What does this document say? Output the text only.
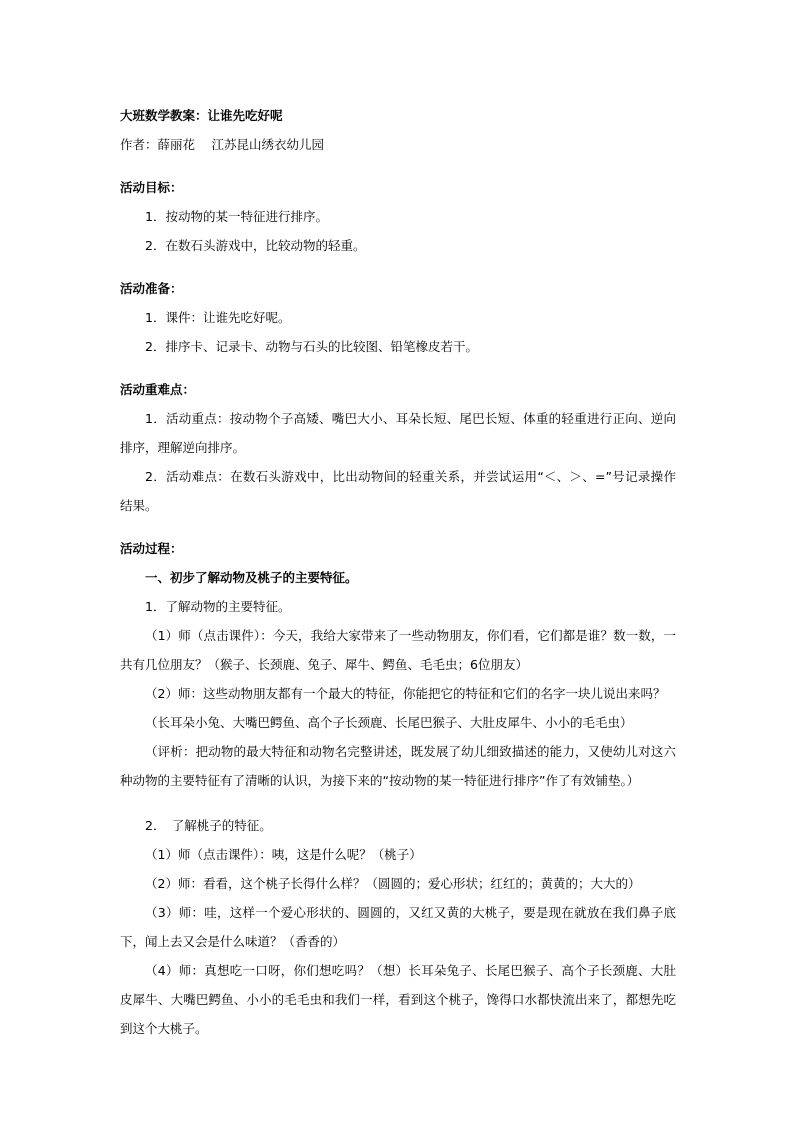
大班数学教案：让谁先吃好呢
作者：薛丽花　 江苏昆山绣衣幼儿园
活动目标：
1．按动物的某一特征进行排序。
2．在数石头游戏中，比较动物的轻重。
活动准备：
1．课件：让谁先吃好呢。
2．排序卡、记录卡、动物与石头的比较图、铅笔橡皮若干。
活动重难点：
1．活动重点：按动物个子高矮、嘴巴大小、耳朵长短、尾巴长短、体重的轻重进行正向、逆向排序，理解逆向排序。
2．活动难点：在数石头游戏中，比出动物间的轻重关系，并尝试运用“＜、＞、=”号记录操作结果。
活动过程：
一、初步了解动物及桃子的主要特征。
1．了解动物的主要特征。
（1）师（点击课件）：今天，我给大家带来了一些动物朋友，你们看，它们都是谁？数一数，一共有几位朋友？（猴子、长颈鹿、兔子、犀牛、鳄鱼、毛毛虫；6位朋友）
（2）师：这些动物朋友都有一个最大的特征，你能把它的特征和它们的名字一块儿说出来吗？
（长耳朵小兔、大嘴巴鳄鱼、高个子长颈鹿、长尾巴猴子、大肚皮犀牛、小小的毛毛虫）
（评析：把动物的最大特征和动物名完整讲述，既发展了幼儿细致描述的能力，又使幼儿对这六种动物的主要特征有了清晰的认识，为接下来的“按动物的某一特征进行排序”作了有效铺垫。）
2．　了解桃子的特征。
（1）师（点击课件）：咦，这是什么呢？（桃子）
（2）师：看看，这个桃子长得什么样？（圆圆的；爱心形状；红红的；黄黄的；大大的）
（3）师：哇，这样一个爱心形状的、圆圆的，又红又黄的大桃子，要是现在就放在我们鼻子底下，闻上去又会是什么味道？（香香的）
（4）师：真想吃一口呀，你们想吃吗？（想）长耳朵兔子、长尾巴猴子、高个子长颈鹿、大肚皮犀牛、大嘴巴鳄鱼、小小的毛毛虫和我们一样，看到这个桃子，馋得口水都快流出来了，都想先吃到这个大桃子。
